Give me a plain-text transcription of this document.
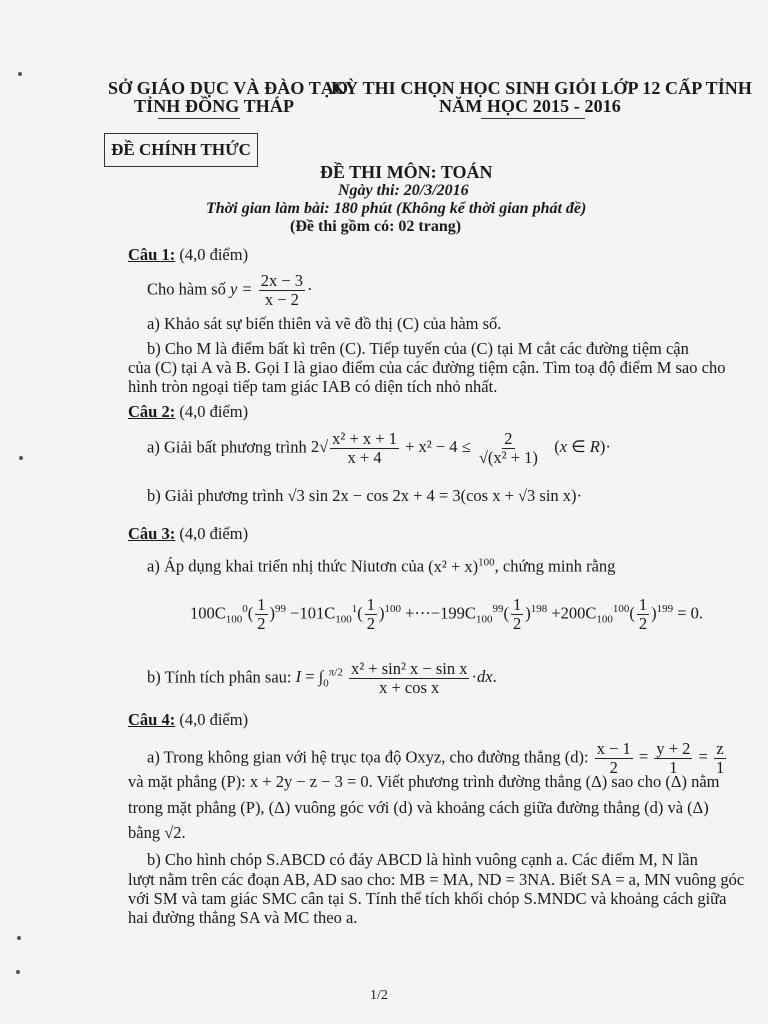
SỞ GIÁO DỤC VÀ ĐÀO TẠO
TỈNH ĐỒNG THÁP
KỲ THI CHỌN HỌC SINH GIỎI LỚP 12 CẤP TỈNH
NĂM HỌC 2015 - 2016
ĐỀ CHÍNH THỨC
ĐỀ THI MÔN: TOÁN
Ngày thi: 20/3/2016
Thời gian làm bài: 180 phút (Không kể thời gian phát đề)
(Đề thi gồm có: 02 trang)
Câu 1: (4,0 điểm)
Cho hàm số $y = \frac{2x - 3}{x - 2}$ ·
a) Khảo sát sự biến thiên và vẽ đồ thị (C) của hàm số.
b) Cho M là điểm bất kì trên (C). Tiếp tuyến của (C) tại M cắt các đường tiệm cận
của (C) tại A và B. Gọi I là giao điểm của các đường tiệm cận. Tìm toạ độ điểm M sao cho
hình tròn ngoại tiếp tam giác IAB có diện tích nhỏ nhất.
Câu 2: (4,0 điểm)
a) Giải bất phương trình $2√ \frac{\text{x² + x + 1}}{x + 4} + x^2 - 4 \le \frac{2}{\text{√(x² + 1)}} (x$ ∈ R)·
b) Giải phương trình √3 sin 2x − cos 2x + 4 = 3(cos x + √3 sin x)·
Câu 3: (4,0 điểm)
a) Áp dụng khai triển nhị thức Niutơn của $(x^2 + x)^{100}$, chứng minh rằng
$100C_{100}^0( \frac{1}{2} )^{99} -101C_{100}^1( \frac{1}{2} )^{100} +\cdot\cdot\cdot-199C_{100}^{99}( \frac{1}{2} )^{198} +200C_{100}^{100}( \frac{1}{2} )^{199} = 0$.
b) Tính tích phân sau: $I = \int_0^{\pi/2} \frac{\text{x² + sin² x − sin x}}{\text{x + cos x}} \cdot dx$.
Câu 4: (4,0 điểm)
a) Trong không gian với hệ trục tọa độ Oxyz, cho đường thẳng (d): $\frac{x - 1}{2} = \frac{y + 2}{1} = \frac{z}{1}$
và mặt phẳng (P): x + 2y − z − 3 = 0. Viết phương trình đường thẳng (Δ) sao cho (Δ) nằm
trong mặt phẳng (P), (Δ) vuông góc với (d) và khoảng cách giữa đường thẳng (d) và (Δ)
bằng √2.
b) Cho hình chóp S.ABCD có đáy ABCD là hình vuông cạnh a. Các điểm M, N lần
lượt nằm trên các đoạn AB, AD sao cho: MB = MA, ND = 3NA. Biết SA = a, MN vuông góc
với SM và tam giác SMC cân tại S. Tính thể tích khối chóp S.MNDC và khoảng cách giữa
hai đường thẳng SA và MC theo a.
1/2
